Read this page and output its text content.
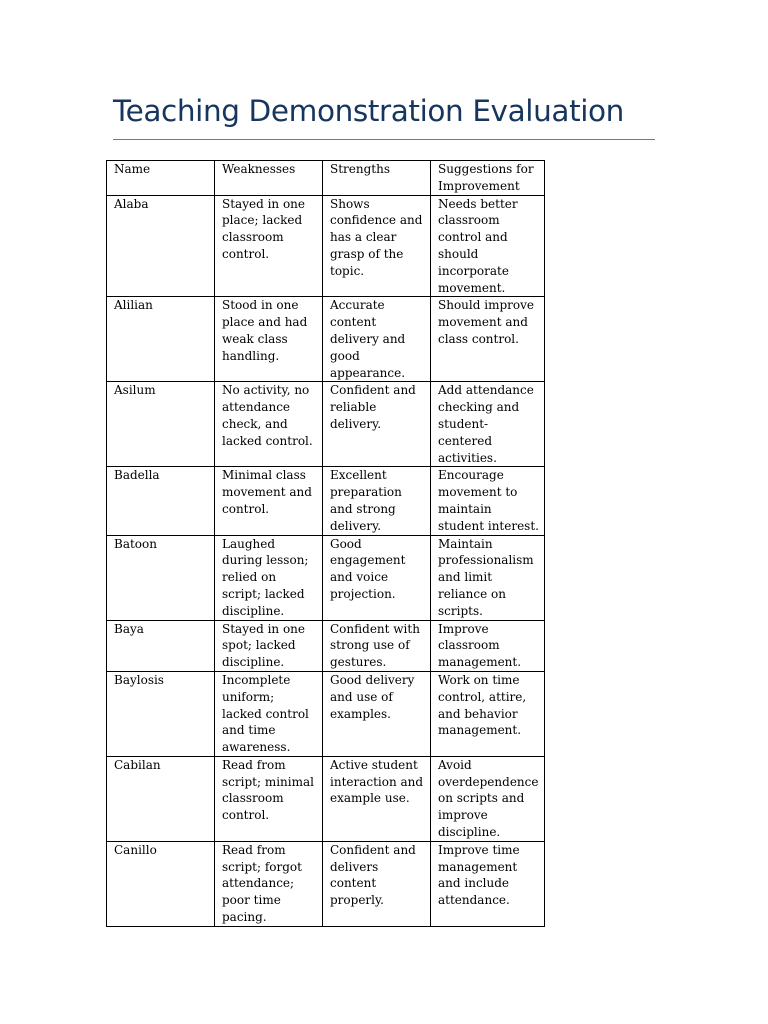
Teaching Demonstration Evaluation
Name	Weaknesses	Strengths	Suggestions for Improvement
Alaba	Stayed in one place; lacked classroom control.	Shows confidence and has a clear grasp of the topic.	Needs better classroom control and should incorporate movement.
Alilian	Stood in one place and had weak class handling.	Accurate content delivery and good appearance.	Should improve movement and class control.
Asilum	No activity, no attendance check, and lacked control.	Confident and reliable delivery.	Add attendance checking and student-centered activities.
Badella	Minimal class movement and control.	Excellent preparation and strong delivery.	Encourage movement to maintain student interest.
Batoon	Laughed during lesson; relied on script; lacked discipline.	Good engagement and voice projection.	Maintain professionalism and limit reliance on scripts.
Baya	Stayed in one spot; lacked discipline.	Confident with strong use of gestures.	Improve classroom management.
Baylosis	Incomplete uniform; lacked control and time awareness.	Good delivery and use of examples.	Work on time control, attire, and behavior management.
Cabilan	Read from script; minimal classroom control.	Active student interaction and example use.	Avoid overdependence on scripts and improve discipline.
Canillo	Read from script; forgot attendance; poor time pacing.	Confident and delivers content properly.	Improve time management and include attendance.
